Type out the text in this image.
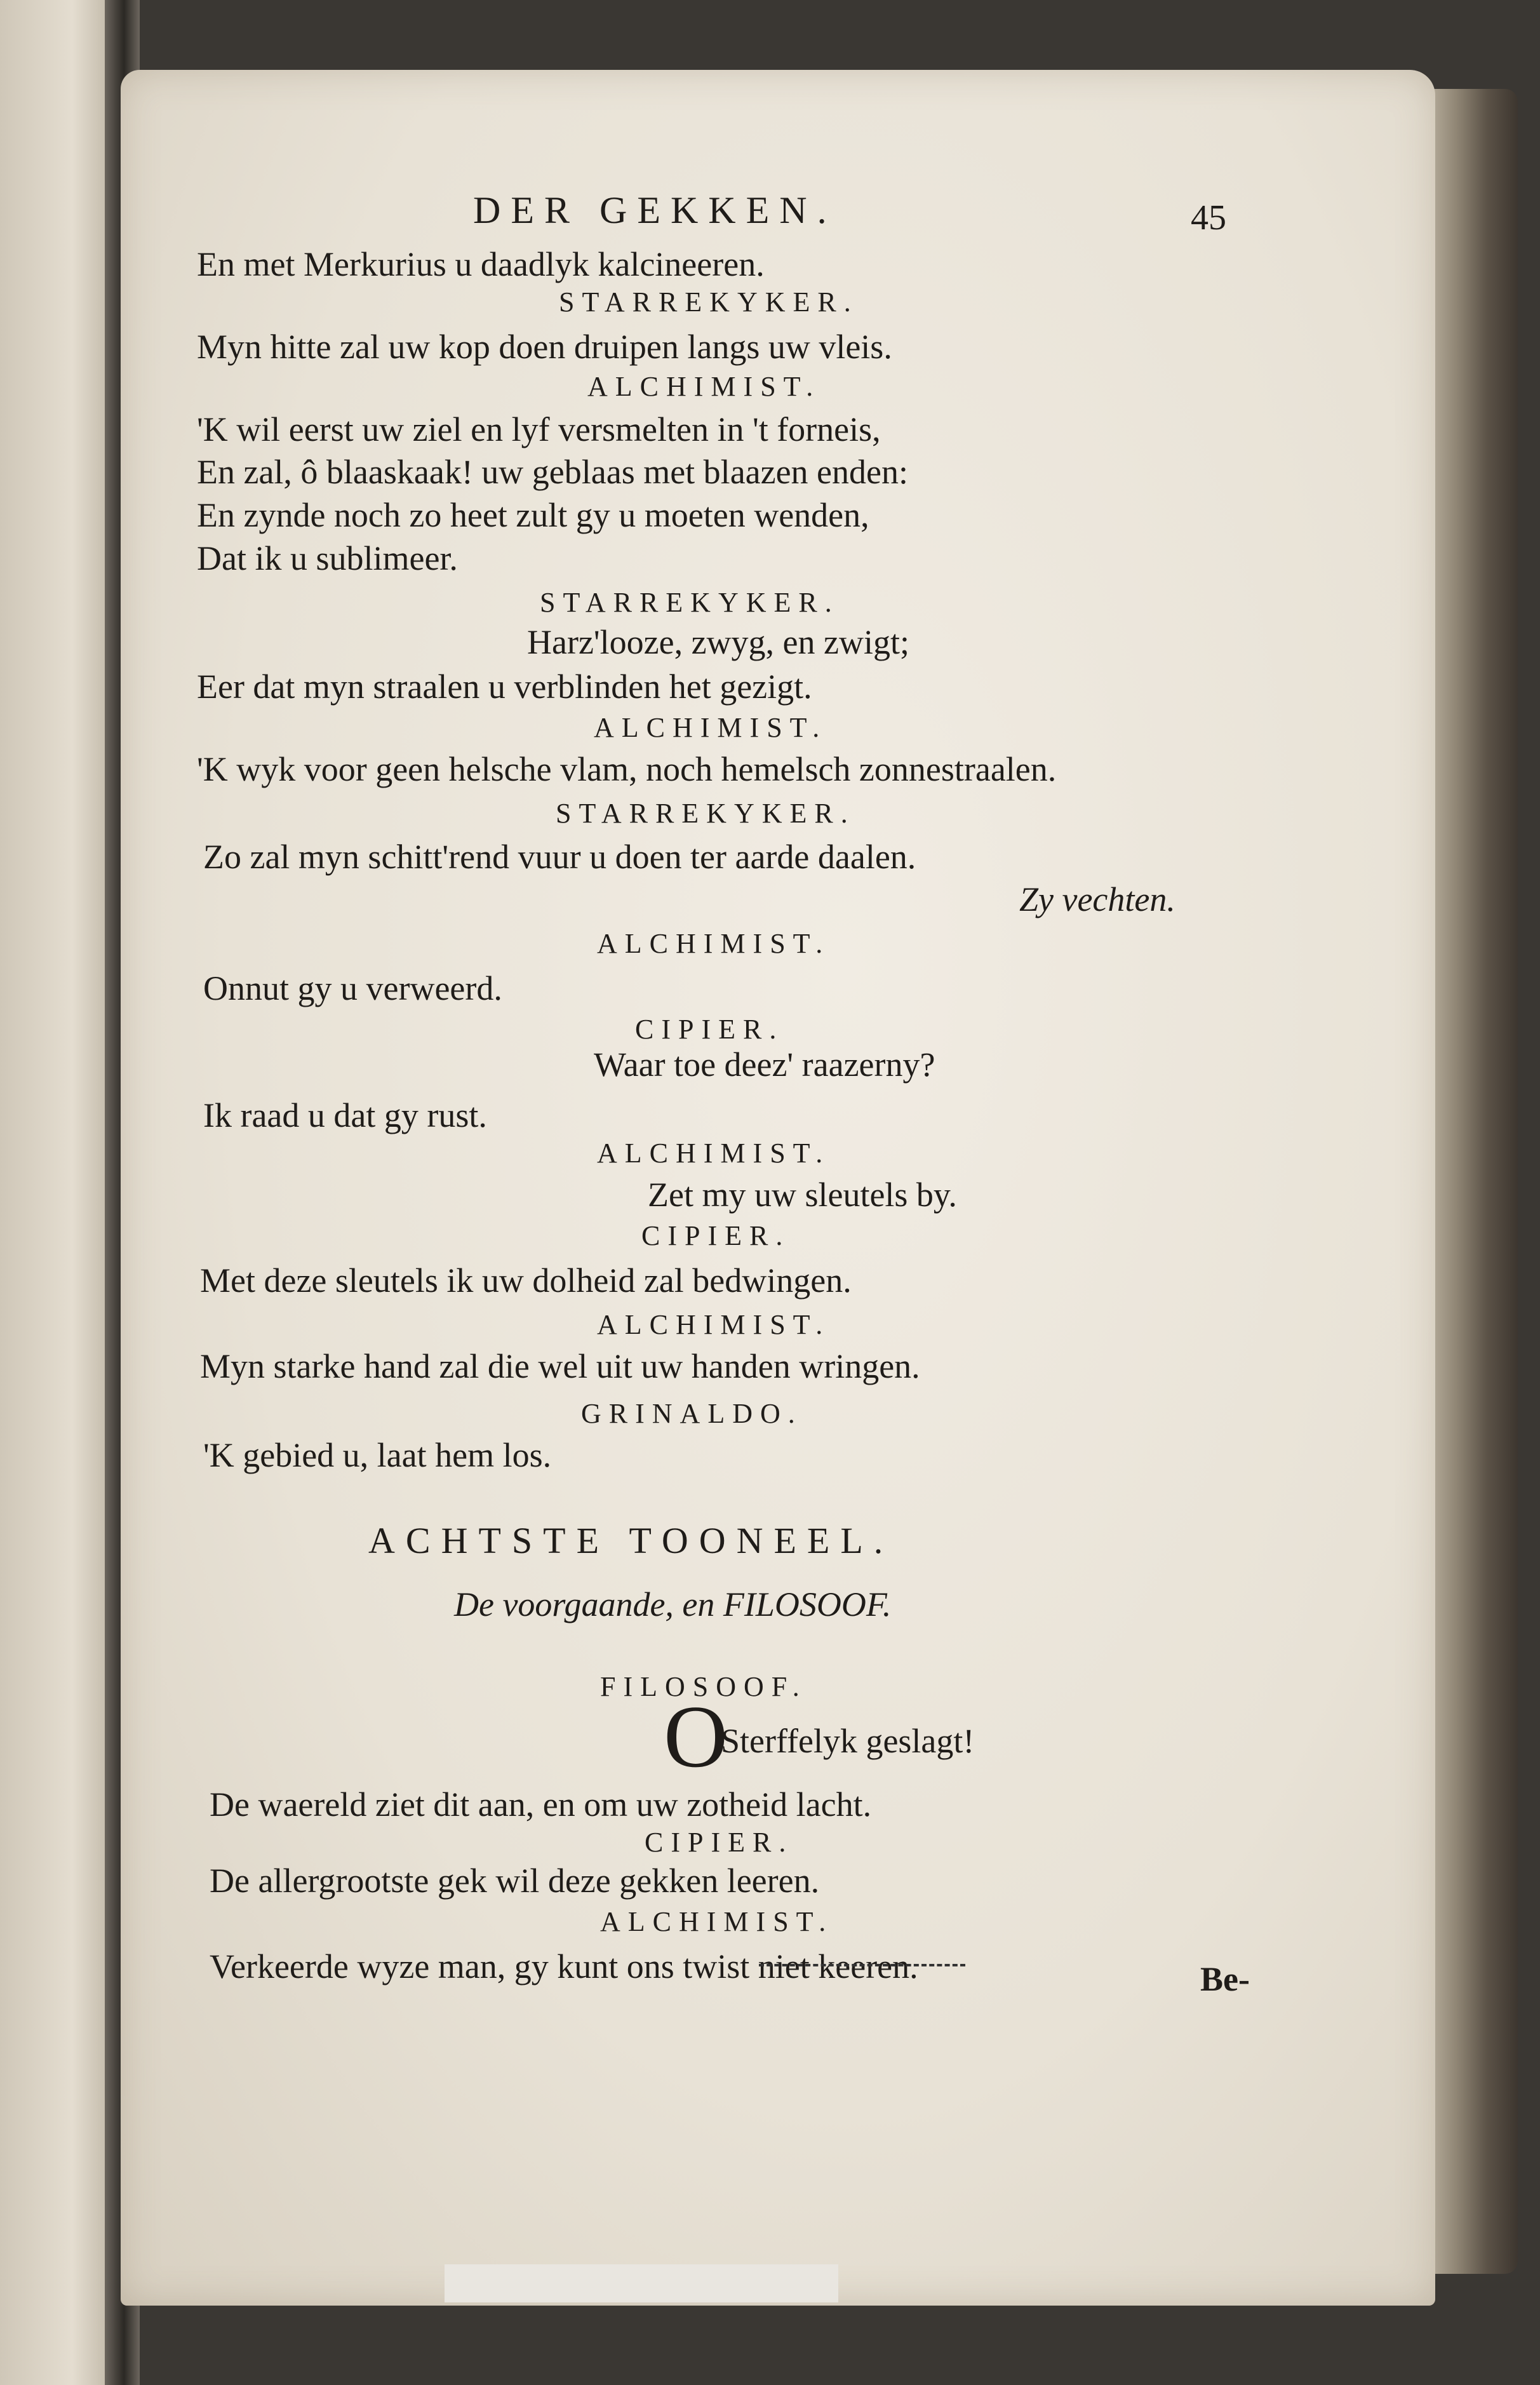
DER GEKKEN.	45
En met Merkurius u daadlyk kalcineeren.
STARREKYKER.
Myn hitte zal uw kop doen druipen langs uw vleis.
ALCHIMIST.
'K wil eerst uw ziel en lyf versmelten in 't forneis,
En zal, ô blaaskaak! uw geblaas met blaazen enden:
En zynde noch zo heet zult gy u moeten wenden,
Dat ik u sublimeer.
STARREKYKER.
Harz'looze, zwyg, en zwigt;
Eer dat myn straalen u verblinden het gezigt.
ALCHIMIST.
'K wyk voor geen helsche vlam, noch hemelsch zonnestraalen.
STARREKYKER.
Zo zal myn schitt'rend vuur u doen ter aarde daalen.
Zy vechten.
ALCHIMIST.
Onnut gy u verweerd.
CIPIER.
Waar toe deez' raazerny?
Ik raad u dat gy rust.
ALCHIMIST.
Zet my uw sleutels by.
CIPIER.
Met deze sleutels ik uw dolheid zal bedwingen.
ALCHIMIST.
Myn starke hand zal die wel uit uw handen wringen.
GRINALDO.
'K gebied u, laat hem los.
ACHTSTE TOONEEL.
De voorgaande, en FILOSOOF.
FILOSOOF.
O
Sterffelyk geslagt!
De waereld ziet dit aan, en om uw zotheid lacht.
CIPIER.
De allergrootste gek wil deze gekken leeren.
ALCHIMIST.
Verkeerde wyze man, gy kunt ons twist niet keeren.	Be-
